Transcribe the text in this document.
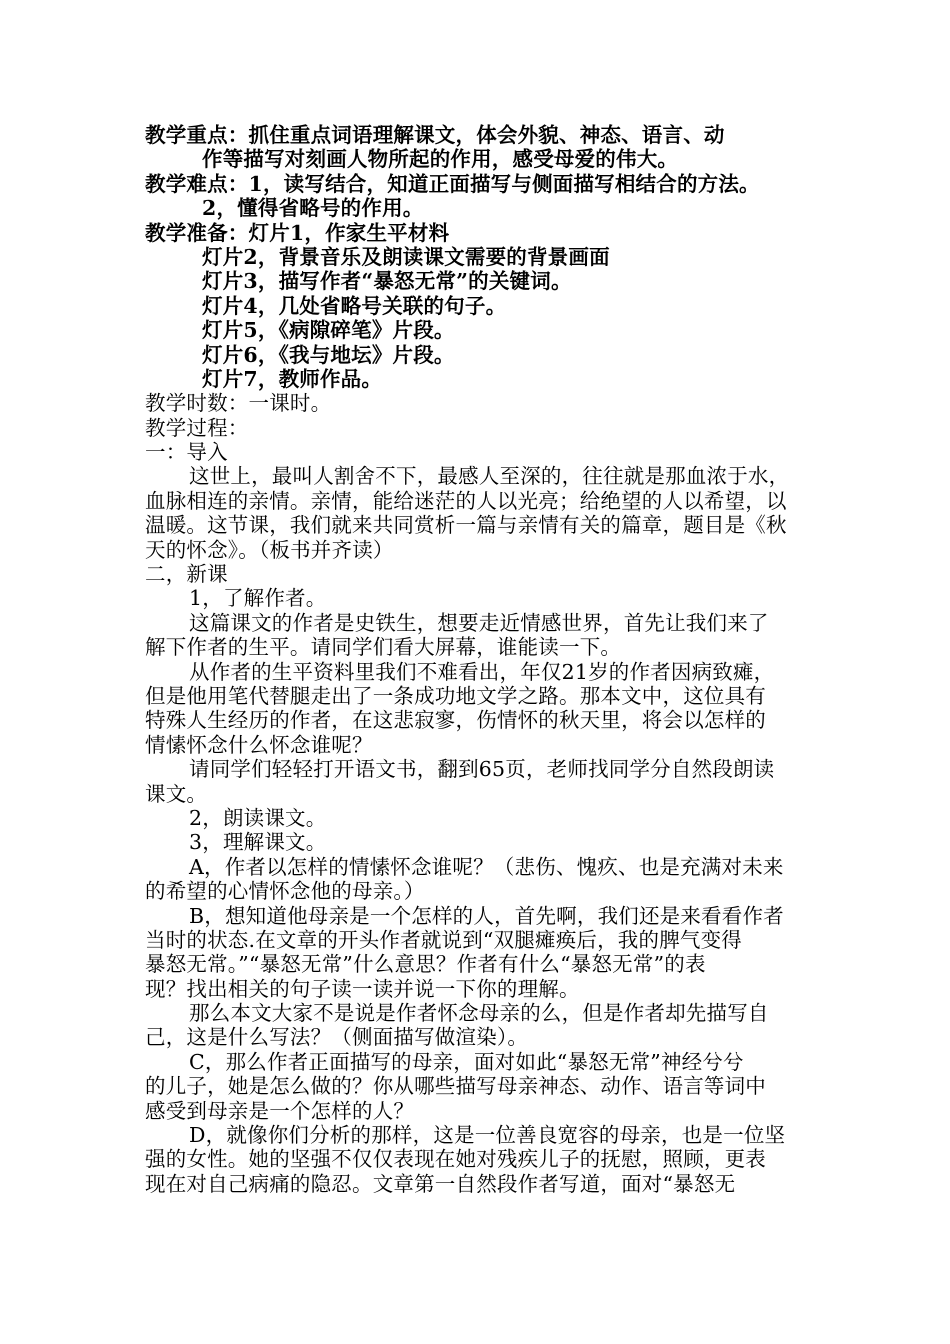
教学重点：抓住重点词语理解课文，体会外貌、神态、语言、动
作等描写对刻画人物所起的作用，感受母爱的伟大。
教学难点：1，读写结合，知道正面描写与侧面描写相结合的方法。
2，懂得省略号的作用。
教学准备：灯片1，作家生平材料
灯片2，背景音乐及朗读课文需要的背景画面
灯片3，描写作者“暴怒无常”的关键词。
灯片4，几处省略号关联的句子。
灯片5，《病隙碎笔》片段。
灯片6，《我与地坛》片段。
灯片7，教师作品。
教学时数：一课时。
教学过程：
一：导入
这世上，最叫人割舍不下，最感人至深的，往往就是那血浓于水，
血脉相连的亲情。亲情，能给迷茫的人以光亮；给绝望的人以希望，以
温暖。这节课，我们就来共同赏析一篇与亲情有关的篇章，题目是《秋
天的怀念》。（板书并齐读）
二，新课
1，了解作者。
这篇课文的作者是史铁生，想要走近情感世界，首先让我们来了
解下作者的生平。请同学们看大屏幕，谁能读一下。
从作者的生平资料里我们不难看出，年仅21岁的作者因病致瘫，
但是他用笔代替腿走出了一条成功地文学之路。那本文中，这位具有
特殊人生经历的作者，在这悲寂寥，伤情怀的秋天里，将会以怎样的
情愫怀念什么怀念谁呢？
请同学们轻轻打开语文书，翻到65页，老师找同学分自然段朗读
课文。
2，朗读课文。
3，理解课文。
A，作者以怎样的情愫怀念谁呢？（悲伤、愧疚、也是充满对未来
的希望的心情怀念他的母亲。）
B，想知道他母亲是一个怎样的人，首先啊，我们还是来看看作者
当时的状态.在文章的开头作者就说到“双腿瘫痪后，我的脾气变得
暴怒无常。”“暴怒无常”什么意思？作者有什么“暴怒无常”的表
现？找出相关的句子读一读并说一下你的理解。
那么本文大家不是说是作者怀念母亲的么，但是作者却先描写自
己，这是什么写法？（侧面描写做渲染）。
C，那么作者正面描写的母亲，面对如此“暴怒无常”神经兮兮
的儿子，她是怎么做的？你从哪些描写母亲神态、动作、语言等词中
感受到母亲是一个怎样的人？
D，就像你们分析的那样，这是一位善良宽容的母亲，也是一位坚
强的女性。她的坚强不仅仅表现在她对残疾儿子的抚慰，照顾，更表
现在对自己病痛的隐忍。文章第一自然段作者写道，面对“暴怒无
